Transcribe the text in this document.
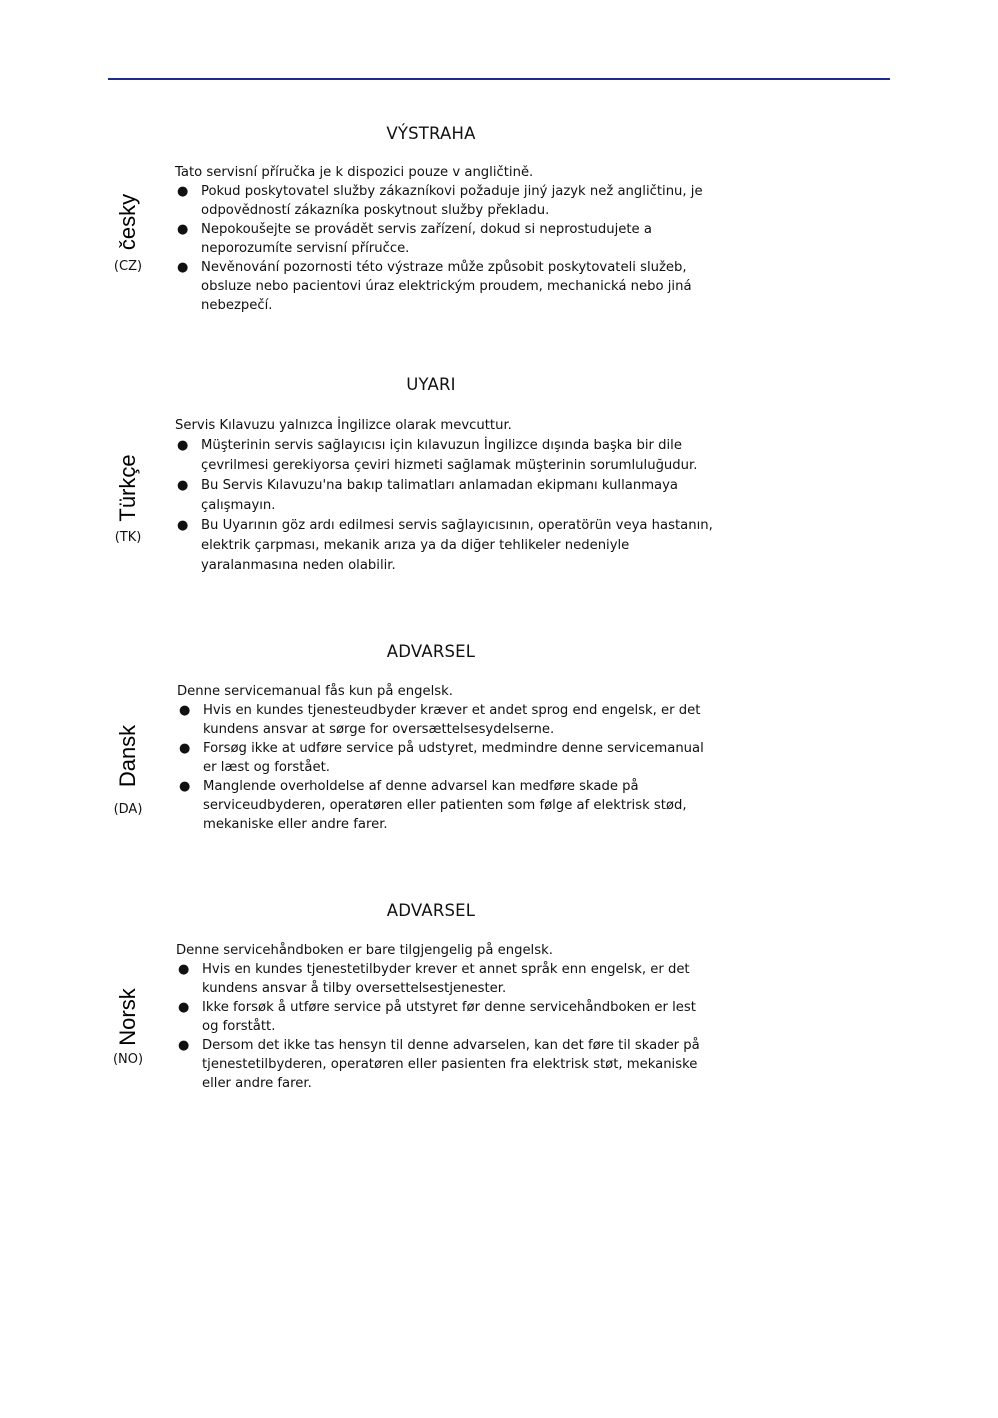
česky
(CZ)
VÝSTRAHA

Tato servisní příručka je k dispozici pouze v angličtině.

● Pokud poskytovatel služby zákazníkovi požaduje jiný jazyk než angličtinu, je odpovědností zákazníka poskytnout služby překladu.
● Nepokoušejte se provádět servis zařízení, dokud si neprostudujete a neporozumíte servisní příručce.
● Nevěnování pozornosti této výstraze může způsobit poskytovateli služeb, obsluze nebo pacientovi úraz elektrickým proudem, mechanická nebo jiná nebezpečí.
Türkçe
(TK)
UYARI

Servis Kılavuzu yalnızca İngilizce olarak mevcuttur.

● Müşterinin servis sağlayıcısı için kılavuzun İngilizce dışında başka bir dile çevrilmesi gerekiyorsa çeviri hizmeti sağlamak müşterinin sorumluluğudur.
● Bu Servis Kılavuzu'na bakıp talimatları anlamadan ekipmanı kullanmaya çalışmayın.
● Bu Uyarının göz ardı edilmesi servis sağlayıcısının, operatörün veya hastanın, elektrik çarpması, mekanik arıza ya da diğer tehlikeler nedeniyle yaralanmasına neden olabilir.
Dansk
(DA)
ADVARSEL

Denne servicemanual fås kun på engelsk.

● Hvis en kundes tjenesteudbyder kræver et andet sprog end engelsk, er det kundens ansvar at sørge for oversættelsesydelserne.
● Forsøg ikke at udføre service på udstyret, medmindre denne servicemanual er læst og forstået.
● Manglende overholdelse af denne advarsel kan medføre skade på serviceudbyderen, operatøren eller patienten som følge af elektrisk stød, mekaniske eller andre farer.
Norsk
(NO)
ADVARSEL

Denne servicehåndboken er bare tilgjengelig på engelsk.

● Hvis en kundes tjenestetilbyder krever et annet språk enn engelsk, er det kundens ansvar å tilby oversettelsestjenester.
● Ikke forsøk å utføre service på utstyret før denne servicehåndboken er lest og forstått.
● Dersom det ikke tas hensyn til denne advarselen, kan det føre til skader på tjenestetilbyderen, operatøren eller pasienten fra elektrisk støt, mekaniske eller andre farer.
